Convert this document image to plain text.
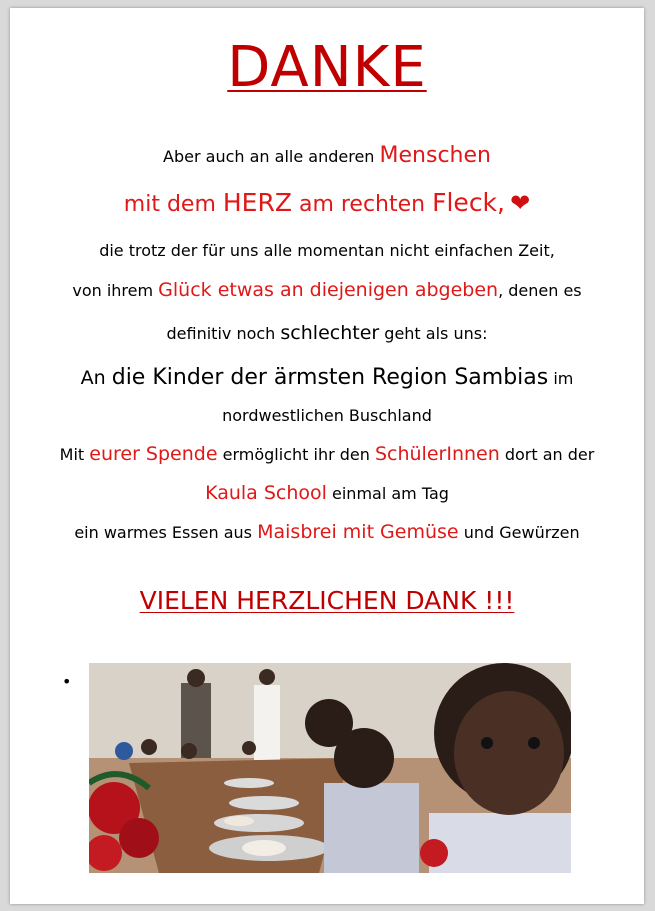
DANKE
Aber auch an alle anderen Menschen
mit dem HERZ am rechten Fleck, ❤
die trotz der für uns alle momentan nicht einfachen Zeit,
von ihrem Glück etwas an diejenigen abgeben, denen es
definitiv noch schlechter geht als uns:
An die Kinder der ärmsten Region Sambias im
nordwestlichen Buschland
Mit eurer Spende ermöglicht ihr den SchülerInnen dort an der
Kaula School einmal am Tag
ein warmes Essen aus Maisbrei mit Gemüse und Gewürzen
VIELEN HERZLICHEN DANK !!!
•
